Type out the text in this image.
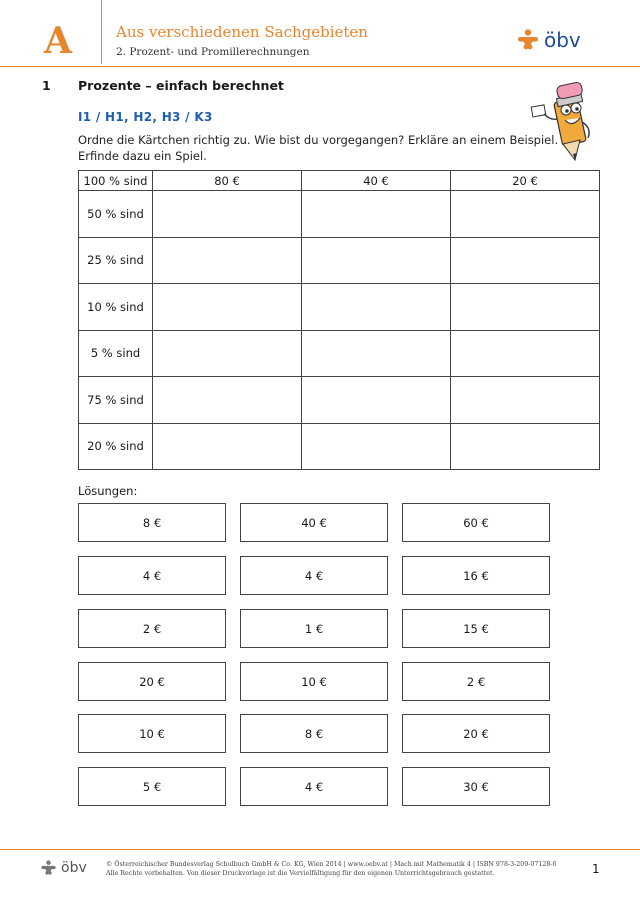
A	Aus verschiedenen Sachgebieten
2. Prozent- und Promillerechnungen	öbv
1 Prozente – einfach berechnet
I1 / H1, H2, H3 / K3
Ordne die Kärtchen richtig zu. Wie bist du vorgegangen? Erkläre an einem Beispiel.
Erfinde dazu ein Spiel.
100 % sind	80 €	40 €	20 €
50 % sind			
25 % sind			
10 % sind			
5 % sind			
75 % sind			
20 % sind			
Lösungen:
8 €	40 €	60 €
4 €	4 €	16 €
2 €	1 €	15 €
20 €	10 €	2 €
10 €	8 €	20 €
5 €	4 €	30 €
öbv	© Österreichischer Bundesverlag Schulbuch GmbH & Co. KG, Wien 2014 | www.oebv.at | Mach mit Mathematik 4 | ISBN 978-3-209-07128-6
Alle Rechte vorbehalten. Von dieser Druckvorlage ist die Vervielfältigung für den eigenen Unterrichtsgebrauch gestattet.	1
